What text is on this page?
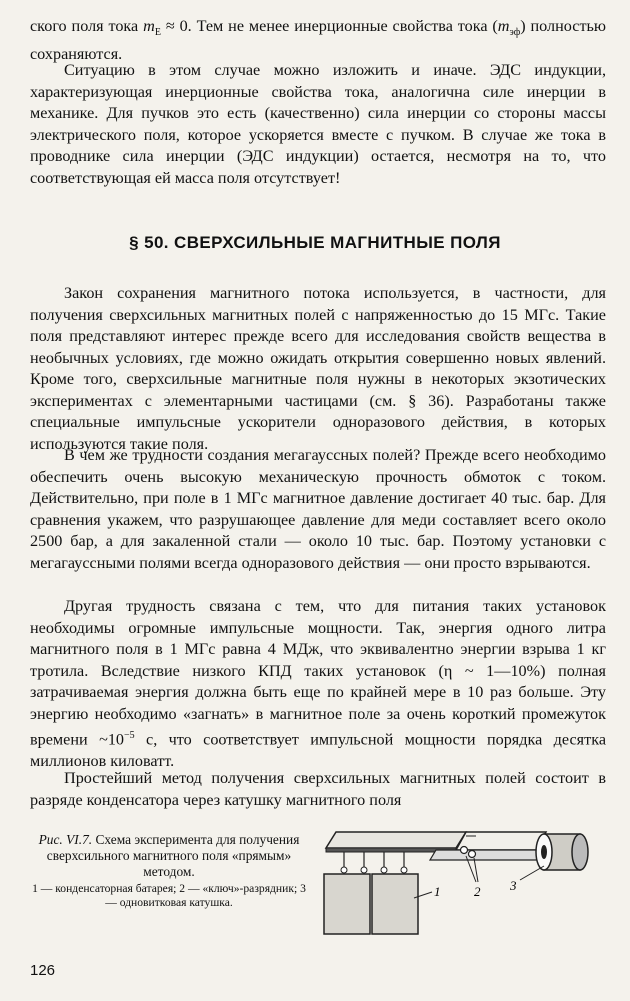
ского поля тока $m_E \approx 0$. Тем не менее инерционные свойства тока $(m_{эф})$ полностью сохраняются.

Ситуацию в этом случае можно изложить и иначе. ЭДС индукции, характеризующая инерционные свойства тока, аналогична силе инерции в механике. Для пучков это есть (качественно) сила инерции со стороны массы электрического поля, которое ускоряется вместе с пучком. В случае же тока в проводнике сила инерции (ЭДС индукции) остается, несмотря на то, что соответствующая ей масса поля отсутствует!

§ 50. СВЕРХСИЛЬНЫЕ МАГНИТНЫЕ ПОЛЯ

Закон сохранения магнитного потока используется, в частности, для получения сверхсильных магнитных полей с напряженностью до 15 МГс. Такие поля представляют интерес прежде всего для исследования свойств вещества в необычных условиях, где можно ожидать открытия совершенно новых явлений. Кроме того, сверхсильные магнитные поля нужны в некоторых экзотических экспериментах с элементарными частицами (см. § 36). Разработаны также специальные импульсные ускорители одноразового действия, в которых используются такие поля.

В чем же трудности создания мегагауссных полей? Прежде всего необходимо обеспечить очень высокую механическую прочность обмоток с током. Действительно, при поле в 1 МГс магнитное давление достигает 40 тыс. бар. Для сравнения укажем, что разрушающее давление для меди составляет всего около 2500 бар, а для закаленной стали — около 10 тыс. бар. Поэтому установки с мегагауссными полями всегда одноразового действия — они просто взрываются.

Другая трудность связана с тем, что для питания таких установок необходимы огромные импульсные мощности. Так, энергия одного литра магнитного поля в 1 МГс равна 4 МДж, что эквивалентно энергии взрыва 1 кг тротила. Вследствие низкого КПД таких установок (η ~ 1—10%) полная затрачиваемая энергия должна быть еще по крайней мере в 10 раз больше. Эту энергию необходимо «загнать» в магнитное поле за очень короткий промежуток времени $\sim 10^{-5}$ с, что соответствует импульсной мощности порядка десятка миллионов киловатт.

Простейший метод получения сверхсильных магнитных полей состоит в разряде конденсатора через катушку магнитного поля

Рис. VI.7. Схема эксперимента для получения сверхсильного магнитного поля «прямым» методом.
1 — конденсаторная батарея; 2 — «ключ»-разрядник; 3 — одновитковая катушка.
1	2 3
126
